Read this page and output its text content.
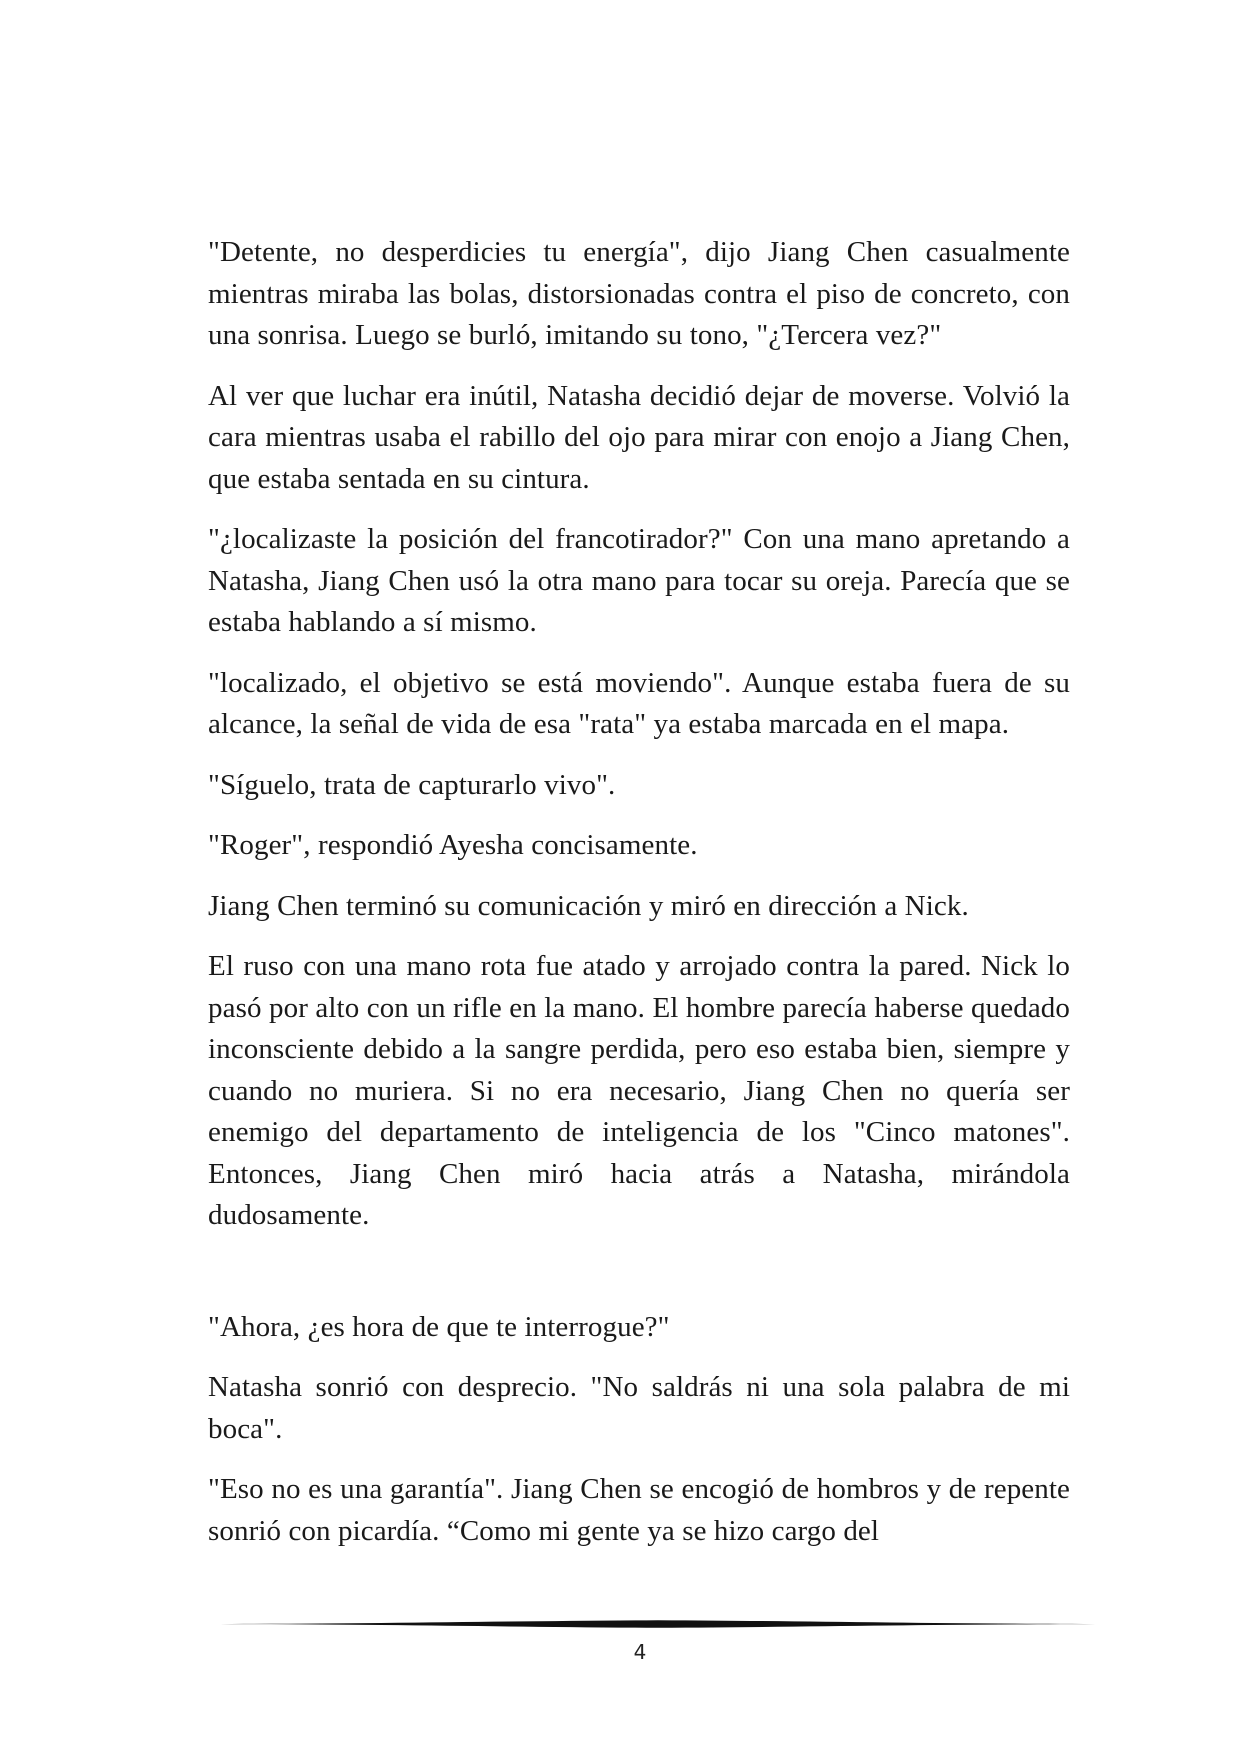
"Detente, no desperdicies tu energía", dijo Jiang Chen casualmente mientras miraba las bolas, distorsionadas contra el piso de concreto, con una sonrisa. Luego se burló, imitando su tono, "¿Tercera vez?"

Al ver que luchar era inútil, Natasha decidió dejar de moverse. Volvió la cara mientras usaba el rabillo del ojo para mirar con enojo a Jiang Chen, que estaba sentada en su cintura.

"¿localizaste la posición del francotirador?" Con una mano apretando a Natasha, Jiang Chen usó la otra mano para tocar su oreja. Parecía que se estaba hablando a sí mismo.

"localizado, el objetivo se está moviendo". Aunque estaba fuera de su alcance, la señal de vida de esa "rata" ya estaba marcada en el mapa.

"Síguelo, trata de capturarlo vivo".

"Roger", respondió Ayesha concisamente.

Jiang Chen terminó su comunicación y miró en dirección a Nick.

El ruso con una mano rota fue atado y arrojado contra la pared. Nick lo pasó por alto con un rifle en la mano. El hombre parecía haberse quedado inconsciente debido a la sangre perdida, pero eso estaba bien, siempre y cuando no muriera. Si no era necesario, Jiang Chen no quería ser enemigo del departamento de inteligencia de los "Cinco matones". Entonces, Jiang Chen miró hacia atrás a Natasha, mirándola dudosamente.

"Ahora, ¿es hora de que te interrogue?"

Natasha sonrió con desprecio. "No saldrás ni una sola palabra de mi boca".

"Eso no es una garantía". Jiang Chen se encogió de hombros y de repente sonrió con picardía. “Como mi gente ya se hizo cargo del

4
